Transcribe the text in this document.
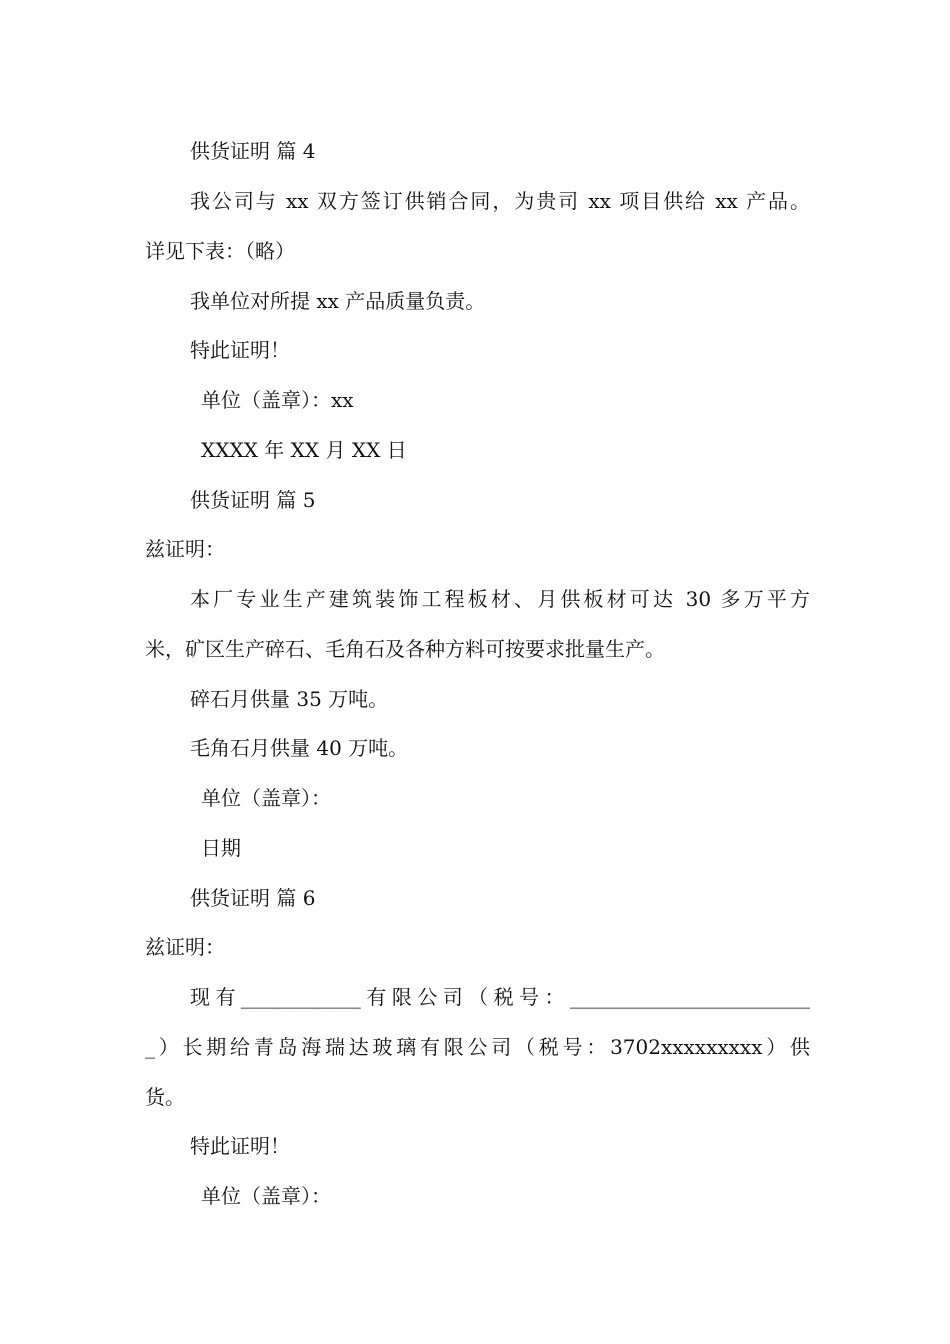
供货证明 篇 4
我公司与 xx 双方签订供销合同，为贵司 xx 项目供给 xx 产品。
详见下表：（略）
我单位对所提 xx 产品质量负责。
特此证明！
单位（盖章）：xx
XXXX 年 XX 月 XX 日
供货证明 篇 5
兹证明：
本厂专业生产建筑装饰工程板材、月供板材可达 30 多万平方
米，矿区生产碎石、毛角石及各种方料可按要求批量生产。
碎石月供量 35 万吨。
毛角石月供量 40 万吨。
单位（盖章）：
日期
供货证明 篇 6
兹证明：
现有____________有限公司（税号：________________________
_）长期给青岛海瑞达玻璃有限公司（税号：3702xxxxxxxxx）供
货。
特此证明！
单位（盖章）：
